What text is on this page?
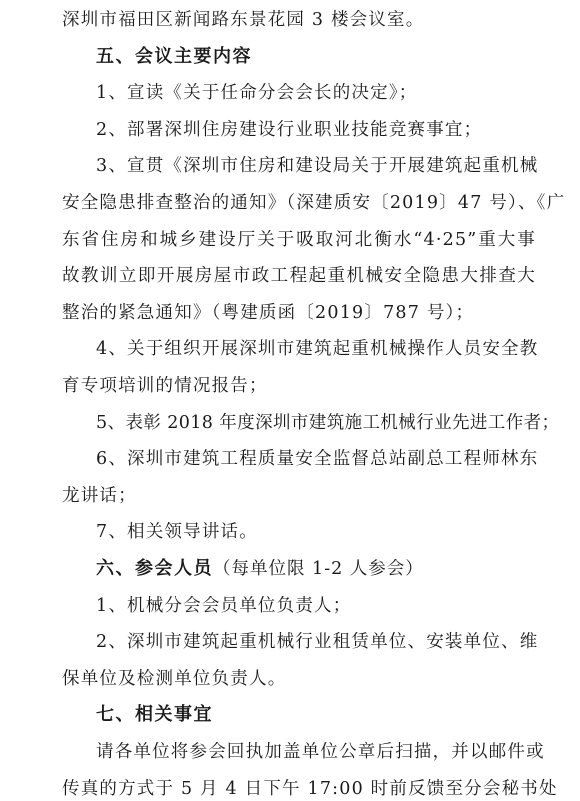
深圳市福田区新闻路东景花园 3 楼会议室。
五、会议主要内容
1、宣读《关于任命分会会长的决定》；
2、部署深圳住房建设行业职业技能竞赛事宜；
3、宣贯《深圳市住房和建设局关于开展建筑起重机械
安全隐患排查整治的通知》（深建质安〔2019〕47 号）、《广
东省住房和城乡建设厅关于吸取河北衡水“4·25”重大事
故教训立即开展房屋市政工程起重机械安全隐患大排查大
整治的紧急通知》（粤建质函〔2019〕787 号）；
4、关于组织开展深圳市建筑起重机械操作人员安全教
育专项培训的情况报告；
5、表彰 2018 年度深圳市建筑施工机械行业先进工作者；
6、深圳市建筑工程质量安全监督总站副总工程师林东
龙讲话；
7、相关领导讲话。
六、参会人员（每单位限 1-2 人参会）
1、机械分会会员单位负责人；
2、深圳市建筑起重机械行业租赁单位、安装单位、维
保单位及检测单位负责人。
七、相关事宜
请各单位将参会回执加盖单位公章后扫描，并以邮件或
传真的方式于 5 月 4 日下午 17:00 时前反馈至分会秘书处
